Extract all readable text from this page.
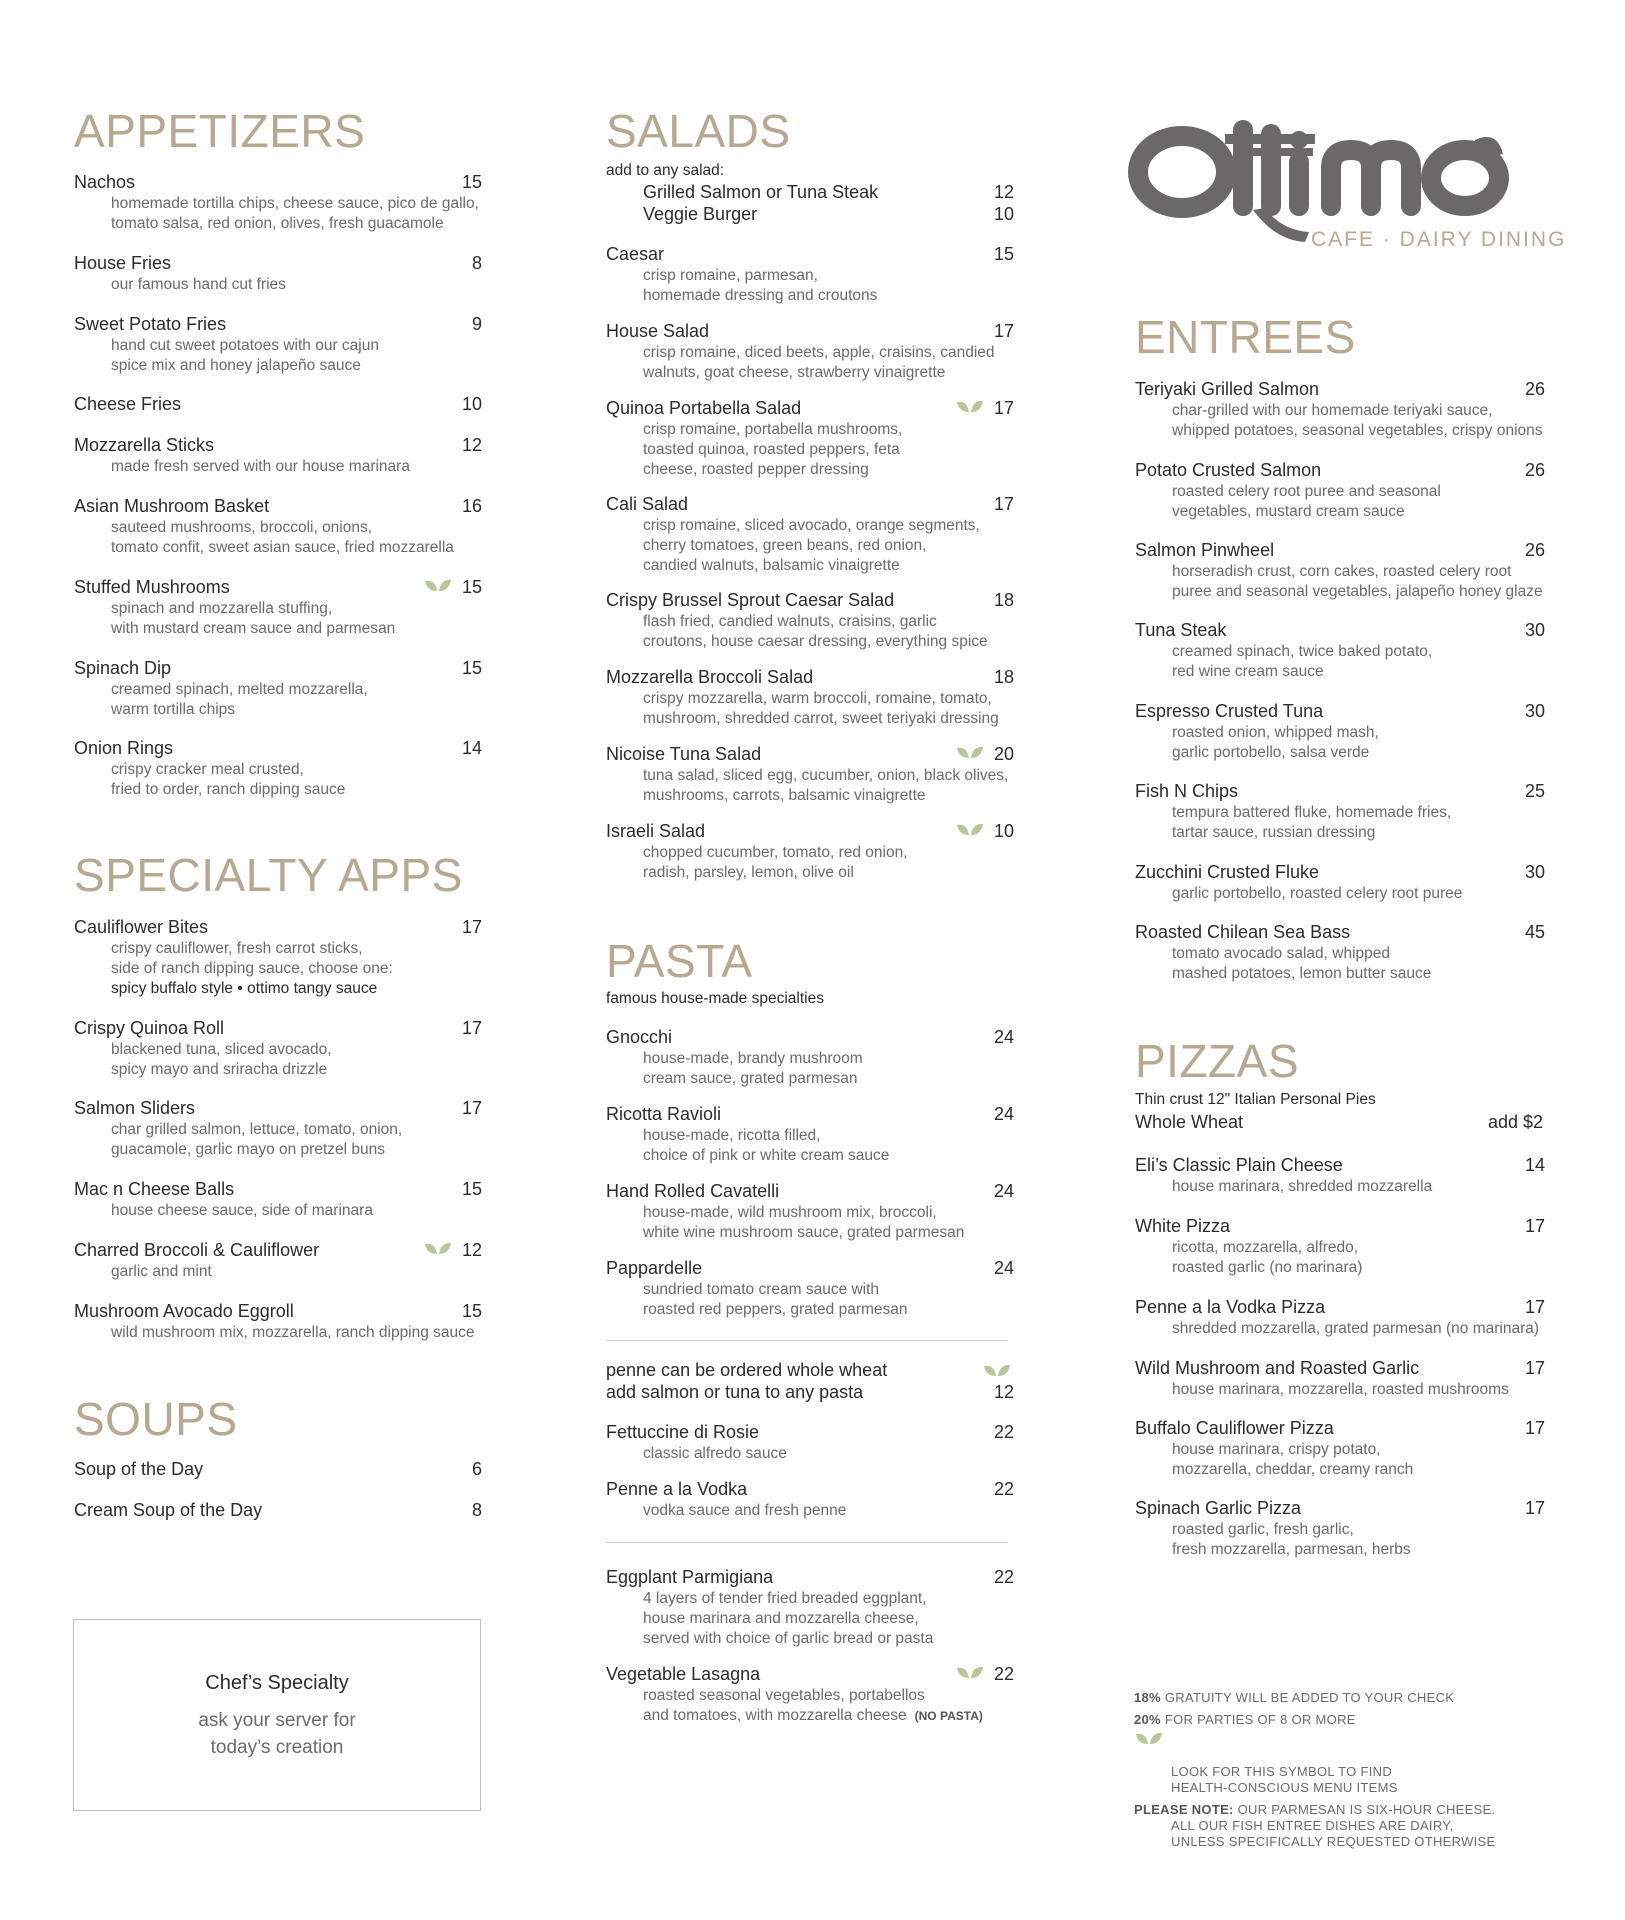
APPETIZERS
Nachos	15
homemade tortilla chips, cheese sauce, pico de gallo,
tomato salsa, red onion, olives, fresh guacamole
House Fries	8
our famous hand cut fries
Sweet Potato Fries	9
hand cut sweet potatoes with our cajun
spice mix and honey jalapeño sauce
Cheese Fries	10
Mozzarella Sticks	12
made fresh served with our house marinara
Asian Mushroom Basket	16
sauteed mushrooms, broccoli, onions,
tomato confit, sweet asian sauce, fried mozzarella
Stuffed Mushrooms	15
spinach and mozzarella stuffing,
with mustard cream sauce and parmesan
Spinach Dip	15
creamed spinach, melted mozzarella,
warm tortilla chips
Onion Rings	14
crispy cracker meal crusted,
fried to order, ranch dipping sauce
SPECIALTY APPS
Cauliflower Bites	17
crispy cauliflower, fresh carrot sticks,
side of ranch dipping sauce, choose one:
spicy buffalo style • ottimo tangy sauce
Crispy Quinoa Roll	17
blackened tuna, sliced avocado,
spicy mayo and sriracha drizzle
Salmon Sliders	17
char grilled salmon, lettuce, tomato, onion,
guacamole, garlic mayo on pretzel buns
Mac n Cheese Balls	15
house cheese sauce, side of marinara
Charred Broccoli & Cauliflower	12
garlic and mint
Mushroom Avocado Eggroll	15
wild mushroom mix, mozzarella, ranch dipping sauce
SOUPS
Soup of the Day	6
Cream Soup of the Day	8
Chef’s Specialty
ask your server for
today’s creation
SALADS
add to any salad:
Grilled Salmon or Tuna Steak	12
Veggie Burger	10
Caesar	15
crisp romaine, parmesan,
homemade dressing and croutons
House Salad	17
crisp romaine, diced beets, apple, craisins, candied
walnuts, goat cheese, strawberry vinaigrette
Quinoa Portabella Salad	17
crisp romaine, portabella mushrooms,
toasted quinoa, roasted peppers, feta
cheese, roasted pepper dressing
Cali Salad	17
crisp romaine, sliced avocado, orange segments,
cherry tomatoes, green beans, red onion,
candied walnuts, balsamic vinaigrette
Crispy Brussel Sprout Caesar Salad	18
flash fried, candied walnuts, craisins, garlic
croutons, house caesar dressing, everything spice
Mozzarella Broccoli Salad	18
crispy mozzarella, warm broccoli, romaine, tomato,
mushroom, shredded carrot, sweet teriyaki dressing
Nicoise Tuna Salad	20
tuna salad, sliced egg, cucumber, onion, black olives,
mushrooms, carrots, balsamic vinaigrette
Israeli Salad	10
chopped cucumber, tomato, red onion,
radish, parsley, lemon, olive oil
PASTA
famous house-made specialties
Gnocchi	24
house-made, brandy mushroom
cream sauce, grated parmesan
Ricotta Ravioli	24
house-made, ricotta filled,
choice of pink or white cream sauce
Hand Rolled Cavatelli	24
house-made, wild mushroom mix, broccoli,
white wine mushroom sauce, grated parmesan
Pappardelle	24
sundried tomato cream sauce with
roasted red peppers, grated parmesan
penne can be ordered whole wheat
add salmon or tuna to any pasta	12
Fettuccine di Rosie	22
classic alfredo sauce
Penne a la Vodka	22
vodka sauce and fresh penne
Eggplant Parmigiana	22
4 layers of tender fried breaded eggplant,
house marinara and mozzarella cheese,
served with choice of garlic bread or pasta
Vegetable Lasagna	22
roasted seasonal vegetables, portabellos
and tomatoes, with mozzarella cheese (NO PASTA)
CAFE · DAIRY DINING
ENTREES
Teriyaki Grilled Salmon	26
char-grilled with our homemade teriyaki sauce,
whipped potatoes, seasonal vegetables, crispy onions
Potato Crusted Salmon	26
roasted celery root puree and seasonal
vegetables, mustard cream sauce
Salmon Pinwheel	26
horseradish crust, corn cakes, roasted celery root
puree and seasonal vegetables, jalapeño honey glaze
Tuna Steak	30
creamed spinach, twice baked potato,
red wine cream sauce
Espresso Crusted Tuna	30
roasted onion, whipped mash,
garlic portobello, salsa verde
Fish N Chips	25
tempura battered fluke, homemade fries,
tartar sauce, russian dressing
Zucchini Crusted Fluke	30
garlic portobello, roasted celery root puree
Roasted Chilean Sea Bass	45
tomato avocado salad, whipped
mashed potatoes, lemon butter sauce
PIZZAS
Thin crust 12" Italian Personal Pies
Whole Wheat	add $2
Eli’s Classic Plain Cheese	14
house marinara, shredded mozzarella
White Pizza	17
ricotta, mozzarella, alfredo,
roasted garlic (no marinara)
Penne a la Vodka Pizza	17
shredded mozzarella, grated parmesan (no marinara)
Wild Mushroom and Roasted Garlic	17
house marinara, mozzarella, roasted mushrooms
Buffalo Cauliflower Pizza	17
house marinara, crispy potato,
mozzarella, cheddar, creamy ranch
Spinach Garlic Pizza	17
roasted garlic, fresh garlic,
fresh mozzarella, parmesan, herbs
18% GRATUITY WILL BE ADDED TO YOUR CHECK
20% FOR PARTIES OF 8 OR MORE

LOOK FOR THIS SYMBOL TO FIND
HEALTH-CONSCIOUS MENU ITEMS

PLEASE NOTE: OUR PARMESAN IS SIX-HOUR CHEESE.
ALL OUR FISH ENTREE DISHES ARE DAIRY,
UNLESS SPECIFICALLY REQUESTED OTHERWISE
